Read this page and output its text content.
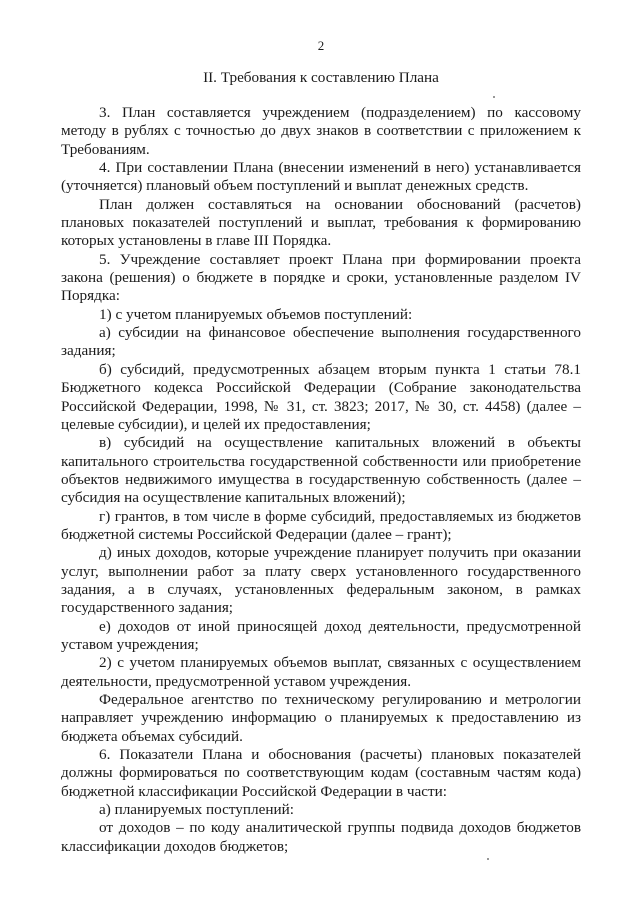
2
II. Требования к составлению Плана

3. План составляется учреждением (подразделением) по кассовому методу в рублях с точностью до двух знаков в соответствии с приложением к Требованиям.

4. При составлении Плана (внесении изменений в него) устанавливается (уточняется) плановый объем поступлений и выплат денежных средств.

План должен составляться на основании обоснований (расчетов) плановых показателей поступлений и выплат, требования к формированию которых установлены в главе III Порядка.

5. Учреждение составляет проект Плана при формировании проекта закона (решения) о бюджете в порядке и сроки, установленные разделом IV Порядка:

1) с учетом планируемых объемов поступлений:

а) субсидии на финансовое обеспечение выполнения государственного задания;

б) субсидий, предусмотренных абзацем вторым пункта 1 статьи 78.1 Бюджетного кодекса Российской Федерации (Собрание законодательства Российской Федерации, 1998, № 31, ст. 3823; 2017, № 30, ст. 4458) (далее – целевые субсидии), и целей их предоставления;

в) субсидий на осуществление капитальных вложений в объекты капитального строительства государственной собственности или приобретение объектов недвижимого имущества в государственную собственность (далее – субсидия на осуществление капитальных вложений);

г) грантов, в том числе в форме субсидий, предоставляемых из бюджетов бюджетной системы Российской Федерации (далее – грант);

д) иных доходов, которые учреждение планирует получить при оказании услуг, выполнении работ за плату сверх установленного государственного задания, а в случаях, установленных федеральным законом, в рамках государственного задания;

е) доходов от иной приносящей доход деятельности, предусмотренной уставом учреждения;

2) с учетом планируемых объемов выплат, связанных с осуществлением деятельности, предусмотренной уставом учреждения.

Федеральное агентство по техническому регулированию и метрологии направляет учреждению информацию о планируемых к предоставлению из бюджета объемах субсидий.

6. Показатели Плана и обоснования (расчеты) плановых показателей должны формироваться по соответствующим кодам (составным частям кода) бюджетной классификации Российской Федерации в части:

а) планируемых поступлений:

от доходов – по коду аналитической группы подвида доходов бюджетов классификации доходов бюджетов;
